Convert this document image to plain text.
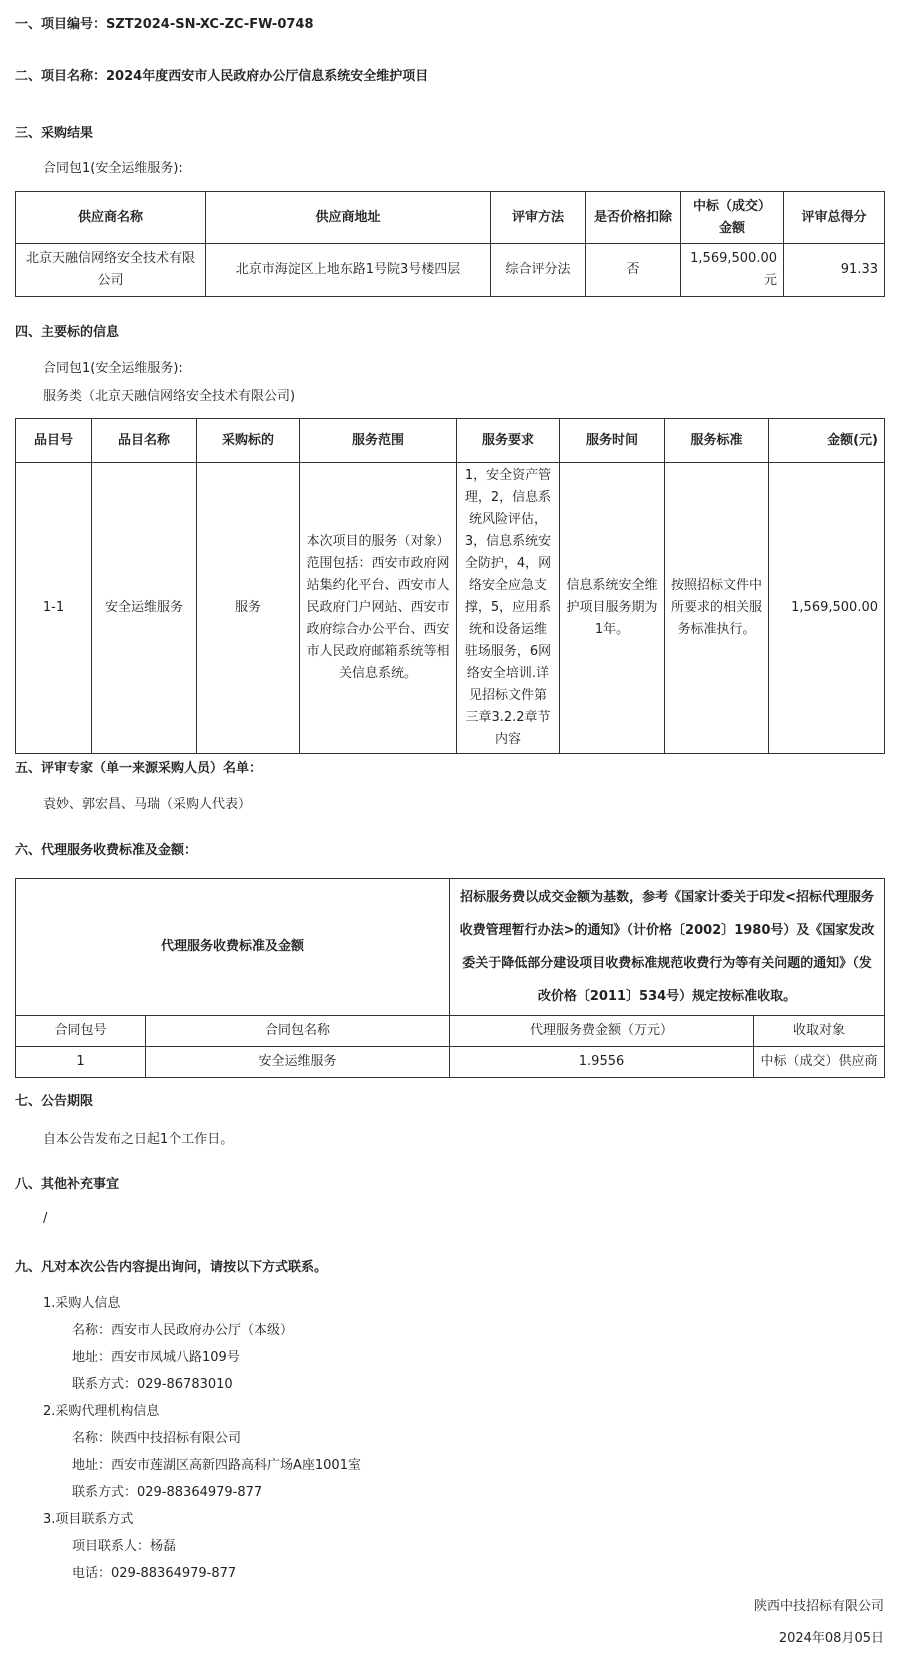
一、项目编号：SZT2024-SN-XC-ZC-FW-0748
二、项目名称：2024年度西安市人民政府办公厅信息系统安全维护项目
三、采购结果
合同包1(安全运维服务):
供应商名称	供应商地址	评审方法	是否价格扣除	中标（成交）金额	评审总得分
北京天融信网络安全技术有限公司	北京市海淀区上地东路1号院3号楼四层	综合评分法	否	1,569,500.00元	91.33
四、主要标的信息
合同包1(安全运维服务):
服务类（北京天融信网络安全技术有限公司)
品目号	品目名称	采购标的	服务范围	服务要求	服务时间	服务标准	金额(元)
1-1	安全运维服务	服务	本次项目的服务（对象）范围包括：西安市政府网站集约化平台、西安市人民政府门户网站、西安市政府综合办公平台、西安市人民政府邮箱系统等相关信息系统。	1，安全资产管理，2，信息系统风险评估，3，信息系统安全防护，4，网络安全应急支撑，5，应用系统和设备运维驻场服务，6网络安全培训.详见招标文件第三章3.2.2章节内容	信息系统安全维护项目服务期为1年。	按照招标文件中所要求的相关服务标准执行。	1,569,500.00
五、评审专家（单一来源采购人员）名单：
袁妙、郭宏昌、马瑞（采购人代表）
六、代理服务收费标准及金额：
代理服务收费标准及金额		招标服务费以成交金额为基数，参考《国家计委关于印发<招标代理服务收费管理暂行办法>的通知》（计价格〔2002〕1980号）及《国家发改委关于降低部分建设项目收费标准规范收费行为等有关问题的通知》（发改价格〔2011〕534号）规定按标准收取。	
合同包号	合同包名称	代理服务费金额（万元）	收取对象
1	安全运维服务	1.9556	中标（成交）供应商
七、公告期限
自本公告发布之日起1个工作日。
八、其他补充事宜
/
九、凡对本次公告内容提出询问，请按以下方式联系。
1.采购人信息
名称：西安市人民政府办公厅（本级）
地址：西安市凤城八路109号
联系方式：029-86783010
2.采购代理机构信息
名称：陕西中技招标有限公司
地址：西安市莲湖区高新四路高科广场A座1001室
联系方式：029-88364979-877
3.项目联系方式
项目联系人：杨磊
电话：029-88364979-877
陕西中技招标有限公司
2024年08月05日
